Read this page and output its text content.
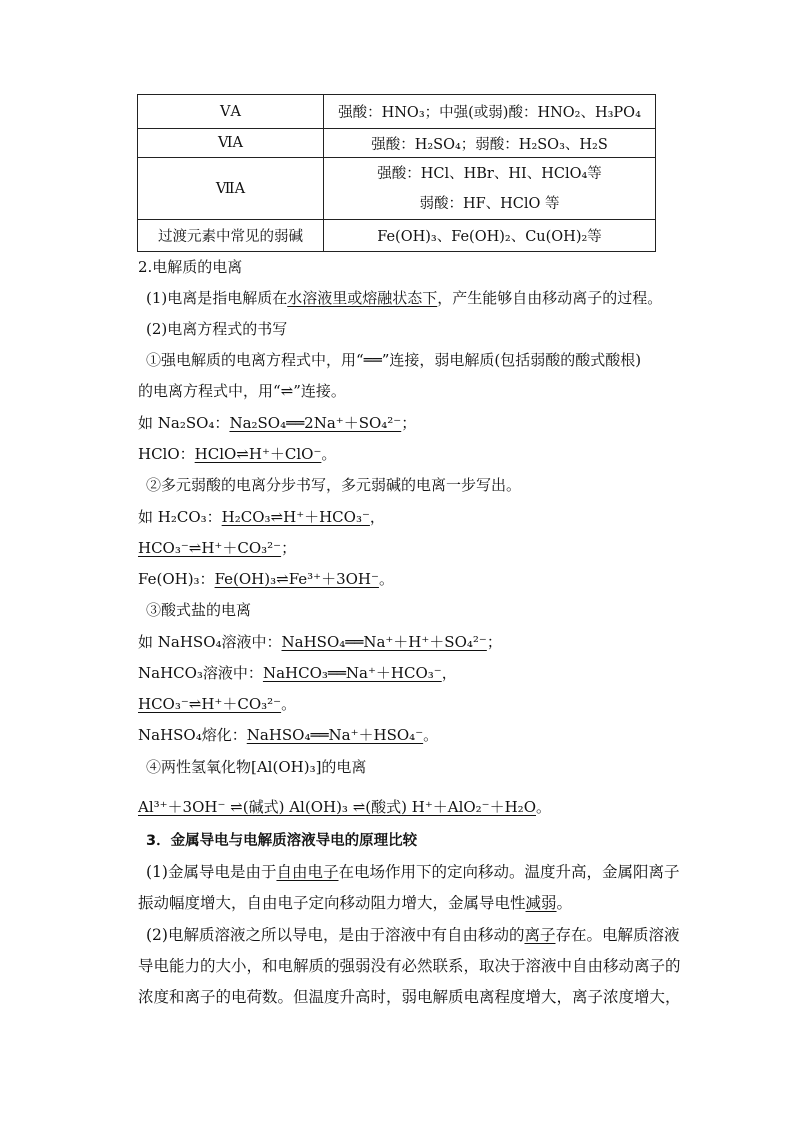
ⅤA	强酸：HNO₃；中强(或弱)酸：HNO₂、H₃PO₄
ⅥA	强酸：H₂SO₄；弱酸：H₂SO₃、H₂S
ⅦA	强酸：HCl、HBr、HI、HClO₄等
弱酸：HF、HClO 等

过渡元素中常见的弱碱	Fe(OH)₃、Fe(OH)₂、Cu(OH)₂等
2.电解质的电离
(1)电离是指电解质在水溶液里或熔融状态下，产生能够自由移动离子的过程。
(2)电离方程式的书写
①强电解质的电离方程式中，用“══”连接，弱电解质(包括弱酸的酸式酸根)
的电离方程式中，用“⇌”连接。
如 Na₂SO₄：Na₂SO₄══2Na⁺＋SO₄²⁻；
HClO：HClO⇌H⁺＋ClO⁻。
②多元弱酸的电离分步书写，多元弱碱的电离一步写出。
如 H₂CO₃：H₂CO₃⇌H⁺＋HCO₃⁻，
HCO₃⁻⇌H⁺＋CO₃²⁻；
Fe(OH)₃：Fe(OH)₃⇌Fe³⁺＋3OH⁻。
③酸式盐的电离
如 NaHSO₄溶液中：NaHSO₄══Na⁺＋H⁺＋SO₄²⁻；
NaHCO₃溶液中：NaHCO₃══Na⁺＋HCO₃⁻，
HCO₃⁻⇌H⁺＋CO₃²⁻。
NaHSO₄熔化：NaHSO₄══Na⁺＋HSO₄⁻。
④两性氢氧化物[Al(OH)₃]的电离
Al³⁺＋3OH⁻ ⇌(碱式) Al(OH)₃ ⇌(酸式) H⁺＋AlO₂⁻＋H₂O。
3．金属导电与电解质溶液导电的原理比较
(1)金属导电是由于自由电子在电场作用下的定向移动。温度升高，金属阳离子
振动幅度增大，自由电子定向移动阻力增大，金属导电性减弱。
(2)电解质溶液之所以导电，是由于溶液中有自由移动的离子存在。电解质溶液
导电能力的大小，和电解质的强弱没有必然联系，取决于溶液中自由移动离子的
浓度和离子的电荷数。但温度升高时，弱电解质电离程度增大，离子浓度增大，
